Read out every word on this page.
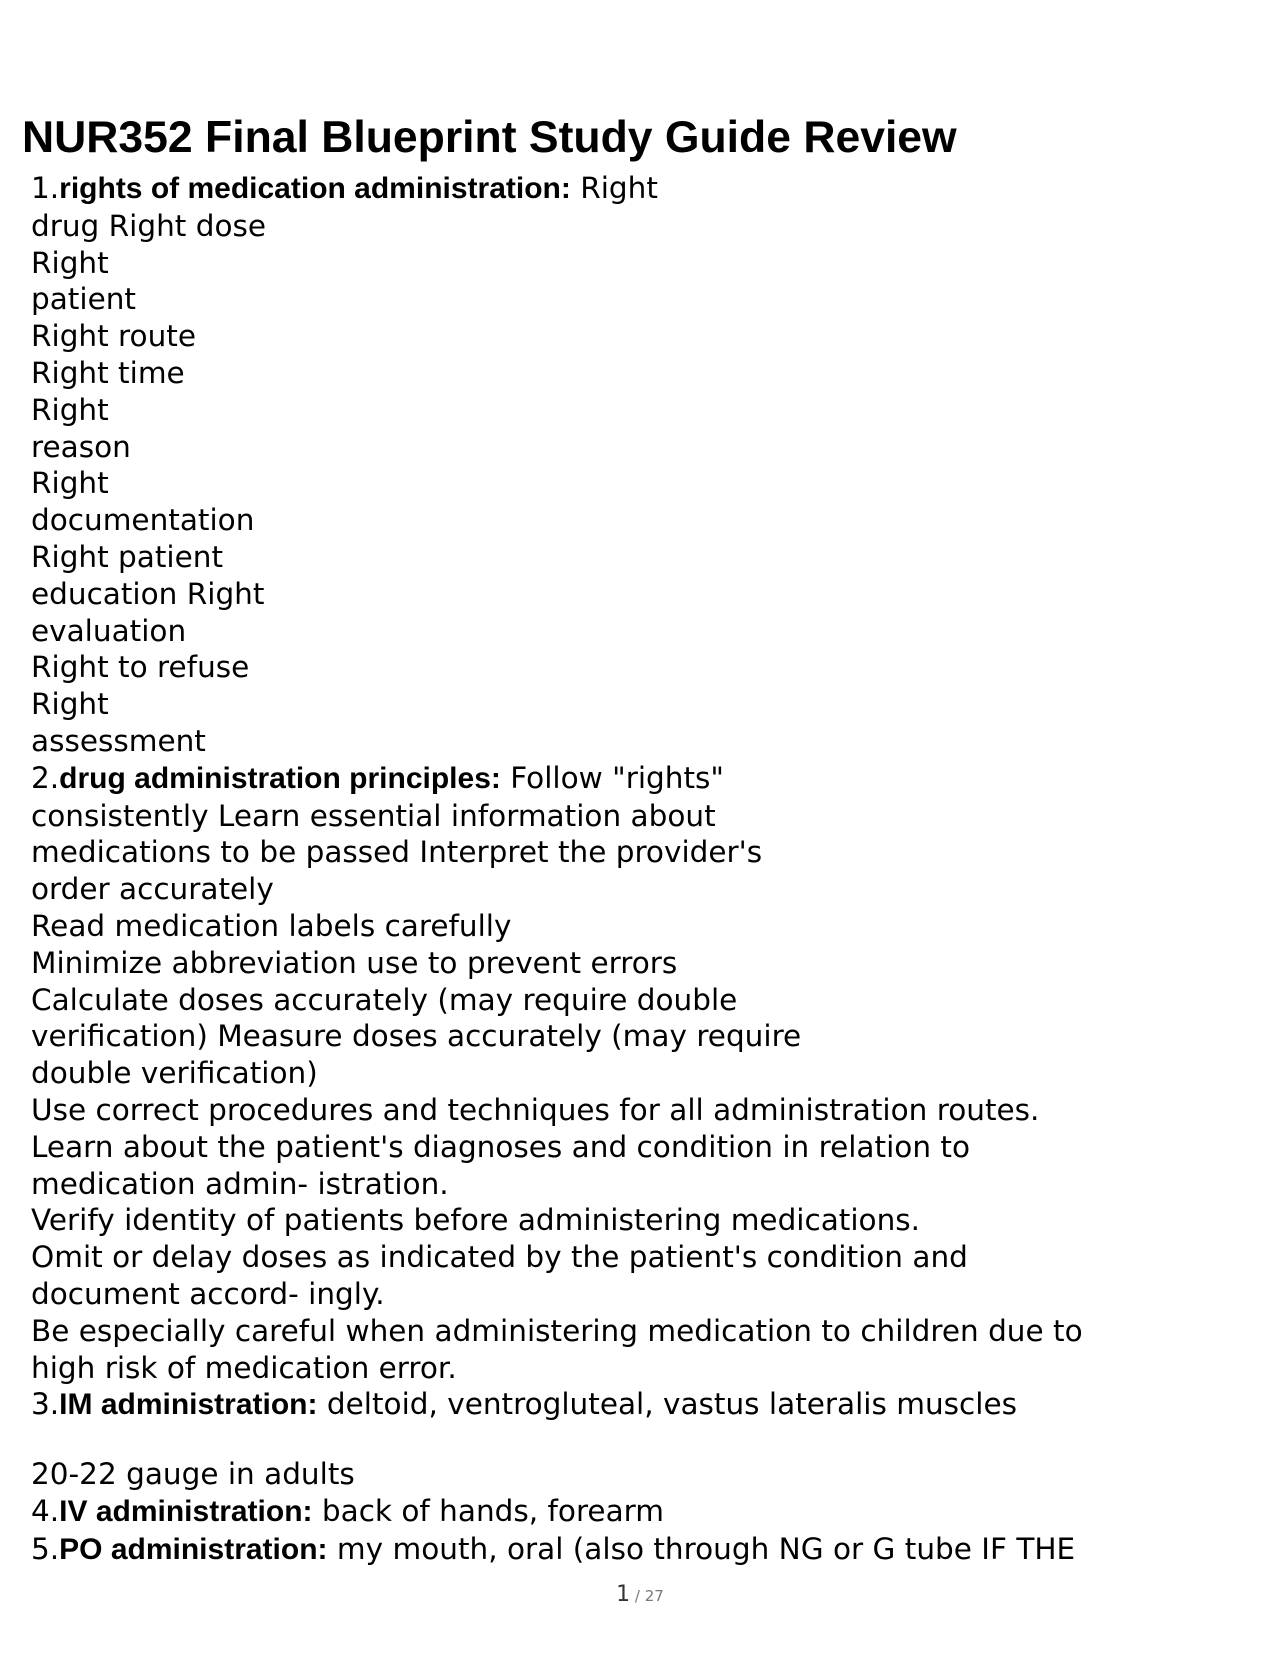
NUR352 Final Blueprint Study Guide Review
1.rights of medication administration: Right
drug Right dose
Right
patient
Right route
Right time
Right
reason
Right
documentation
Right patient
education Right
evaluation
Right to refuse
Right
assessment
2.drug administration principles: Follow "rights"
consistently Learn essential information about
medications to be passed Interpret the provider's
order accurately
Read medication labels carefully
Minimize abbreviation use to prevent errors
Calculate doses accurately (may require double
verification) Measure doses accurately (may require
double verification)
Use correct procedures and techniques for all administration routes.
Learn about the patient's diagnoses and condition in relation to
medication admin- istration.
Verify identity of patients before administering medications.
Omit or delay doses as indicated by the patient's condition and
document accord- ingly.
Be especially careful when administering medication to children due to
high risk of medication error.
3.IM administration: deltoid, ventrogluteal, vastus lateralis muscles
20-22 gauge in adults
4.IV administration: back of hands, forearm
5.PO administration: my mouth, oral (also through NG or G tube IF THE
1 / 27
